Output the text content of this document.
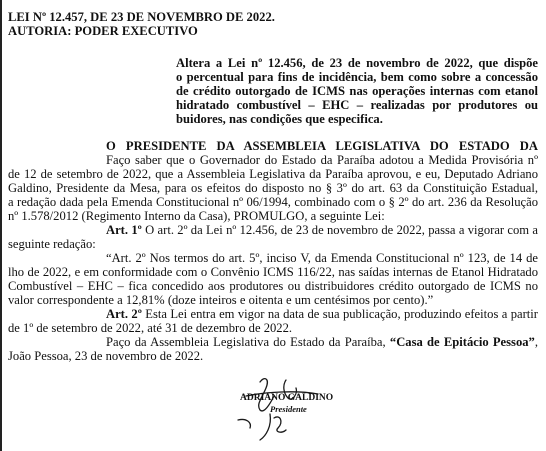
LEI Nº 12.457, DE 23 DE NOVEMBRO DE 2022.
AUTORIA: PODER EXECUTIVO
Altera a Lei nº 12.456, de 23 de novembro de 2022, que dispõe
o percentual para fins de incidência, bem como sobre a concessão
de crédito outorgado de ICMS nas operações internas com etanol
hidratado combustível – EHC – realizadas por produtores ou
buidores, nas condições que especifica.
O PRESIDENTE DA ASSEMBLEIA LEGISLATIVA DO ESTADO DA
Faço saber que o Governador do Estado da Paraíba adotou a Medida Provisória nº
de 12 de setembro de 2022, que a Assembleia Legislativa da Paraíba aprovou, e eu, Deputado Adriano
Galdino, Presidente da Mesa, para os efeitos do disposto no § 3º do art. 63 da Constituição Estadual,
a redação dada pela Emenda Constitucional nº 06/1994, combinado com o § 2º do art. 236 da Resolução
nº 1.578/2012 (Regimento Interno da Casa), PROMULGO, a seguinte Lei:
Art. 1º O art. 2º da Lei nº 12.456, de 23 de novembro de 2022, passa a vigorar com a
seguinte redação:
“Art. 2º Nos termos do art. 5º, inciso V, da Emenda Constitucional nº 123, de 14 de
lho de 2022, e em conformidade com o Convênio ICMS 116/22, nas saídas internas de Etanol Hidratado
Combustível – EHC – fica concedido aos produtores ou distribuidores crédito outorgado de ICMS no
valor correspondente a 12,81% (doze inteiros e oitenta e um centésimos por cento).”
Art. 2º Esta Lei entra em vigor na data de sua publicação, produzindo efeitos a partir
de 1º de setembro de 2022, até 31 de dezembro de 2022.
Paço da Assembleia Legislativa do Estado da Paraíba, “Casa de Epitácio Pessoa”,
João Pessoa, 23 de novembro de 2022.
ADRIANO GALDINO
Presidente
